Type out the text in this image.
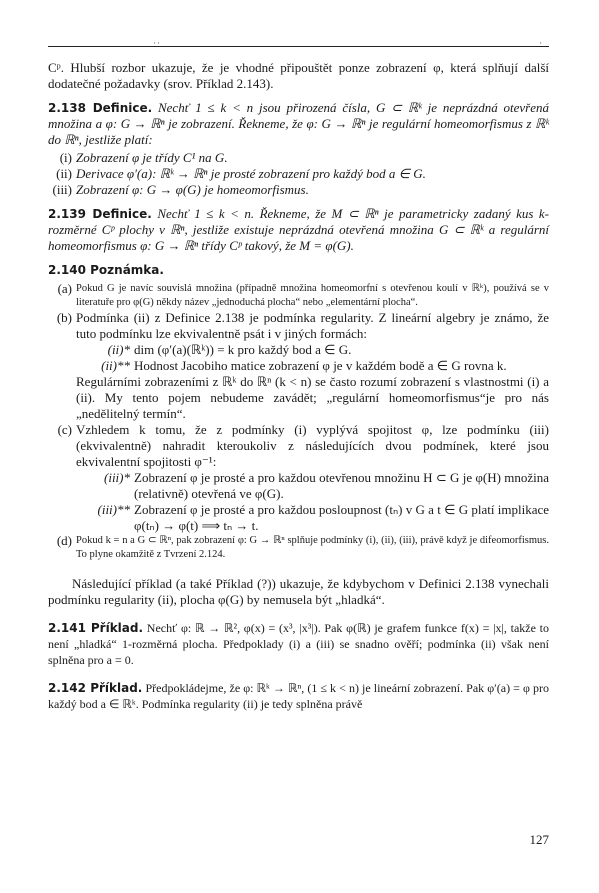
' '	'

Cᵖ. Hlubší rozbor ukazuje, že je vhodné připouštět ponze zobrazení φ, která splňují další dodatečné požadavky (srov. Příklad 2.143).

2.138 Definice. Nechť 1 ≤ k < n jsou přirozená čísla, G ⊂ ℝᵏ je neprázdná otevřená množina a φ: G → ℝⁿ je zobrazení. Řekneme, že φ: G → ℝⁿ je regulární homeomorfismus z ℝᵏ do ℝⁿ, jestliže platí:

(i) Zobrazení φ je třídy C¹ na G.
(ii) Derivace φ′(a): ℝᵏ → ℝⁿ je prosté zobrazení pro každý bod a ∈ G.
(iii) Zobrazení φ: G → φ(G) je homeomorfismus.

2.139 Definice. Nechť 1 ≤ k < n. Řekneme, že M ⊂ ℝⁿ je parametricky zadaný kus k-rozměrné Cᵖ plochy v ℝⁿ, jestliže existuje neprázdná otevřená množina G ⊂ ℝᵏ a regulární homeomorfismus φ: G → ℝⁿ třídy Cᵖ takový, že M = φ(G).

2.140 Poznámka.

(a) Pokud G je navíc souvislá množina (případně množina homeomorfní s otevřenou koulí v ℝᵏ), používá se v literatuře pro φ(G) někdy název „jednoduchá plocha“ nebo „elementární plocha“.
(b) Podmínka (ii) z Definice 2.138 je podmínka regularity. Z lineární algebry je známo, že tuto podmínku lze ekvivalentně psát i v jiných formách:
(ii)* dim (φ′(a)(ℝᵏ)) = k pro každý bod a ∈ G.
(ii)** Hodnost Jacobiho matice zobrazení φ je v každém bodě a ∈ G rovna k.

Regulárními zobrazeními z ℝᵏ do ℝⁿ (k < n) se často rozumí zobrazení s vlastnostmi (i) a (ii). My tento pojem nebudeme zavádět; „regulární homeomorfismus“je pro nás „nedělitelný termín“.

(c) Vzhledem k tomu, že z podmínky (i) vyplývá spojitost φ, lze podmínku (iii) (ekvivalentně) nahradit kteroukoliv z následujících dvou podmínek, které jsou ekvivalentní spojitosti φ⁻¹:
(iii)* Zobrazení φ je prosté a pro každou otevřenou množinu H ⊂ G je φ(H) množina (relativně) otevřená ve φ(G).
(iii)** Zobrazení φ je prosté a pro každou posloupnost (tₙ) v G a t ∈ G platí implikace φ(tₙ) → φ(t) ⟹ tₙ → t.
(d) Pokud k = n a G ⊂ ℝⁿ, pak zobrazení φ: G → ℝⁿ splňuje podmínky (i), (ii), (iii), právě když je difeomorfismus. To plyne okamžitě z Tvrzení 2.124.

Následující příklad (a také Příklad (?)) ukazuje, že kdybychom v Definici 2.138 vynechali podmínku regularity (ii), plocha φ(G) by nemusela být „hladká“.

2.141 Příklad. Nechť φ: ℝ → ℝ², φ(x) = (x³, |x³|). Pak φ(ℝ) je grafem funkce f(x) = |x|, takže to není „hladká“ 1-rozměrná plocha. Předpoklady (i) a (iii) se snadno ověří; podmínka (ii) však není splněna pro a = 0.

2.142 Příklad. Předpokládejme, že φ: ℝᵏ → ℝⁿ, (1 ≤ k < n) je lineární zobrazení. Pak φ′(a) = φ pro každý bod a ∈ ℝᵏ. Podmínka regularity (ii) je tedy splněna právě

127
